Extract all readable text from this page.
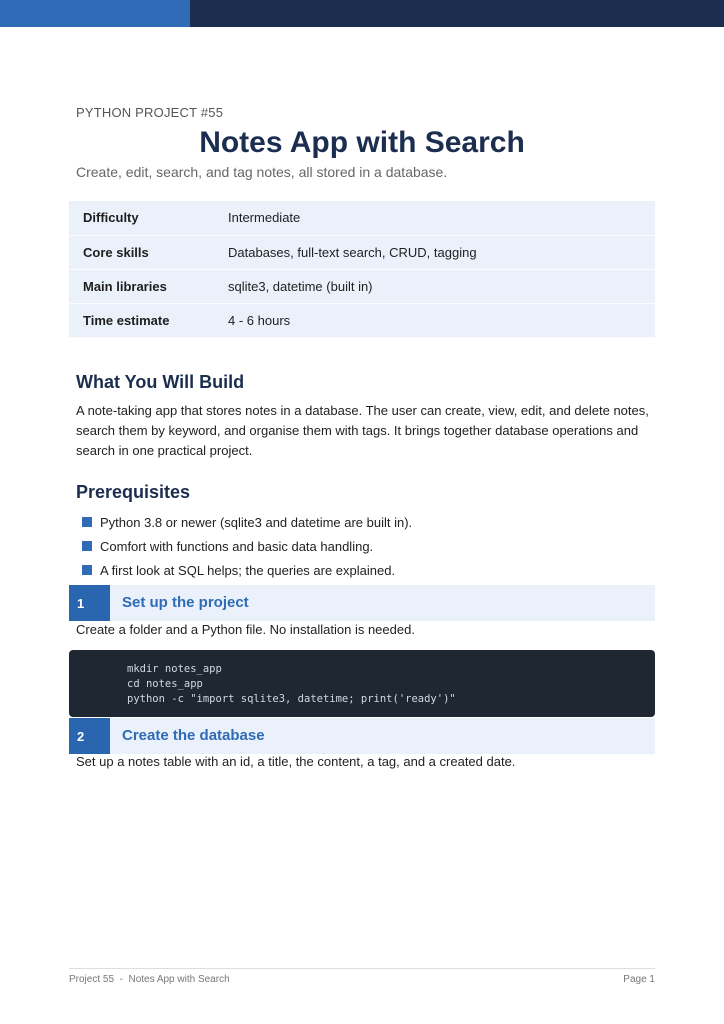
PYTHON PROJECT #55
Notes App with Search
Create, edit, search, and tag notes, all stored in a database.
Difficulty	Intermediate
Core skills	Databases, full-text search, CRUD, tagging
Main libraries	sqlite3, datetime (built in)
Time estimate	4 - 6 hours
What You Will Build

A note-taking app that stores notes in a database. The user can create, view, edit, and delete notes, search them by keyword, and organise them with tags. It brings together database operations and search in one practical project.

Prerequisites
Python 3.8 or newer (sqlite3 and datetime are built in).
Comfort with functions and basic data handling.
A first look at SQL helps; the queries are explained.
1	Set up the project

Create a folder and a Python file. No installation is needed.

mkdir notes_app
cd notes_app
python -c "import sqlite3, datetime; print('ready')"
2	Create the database

Set up a notes table with an id, a title, the content, a tag, and a created date.

Project 55  -  Notes App with Search	Page 1
